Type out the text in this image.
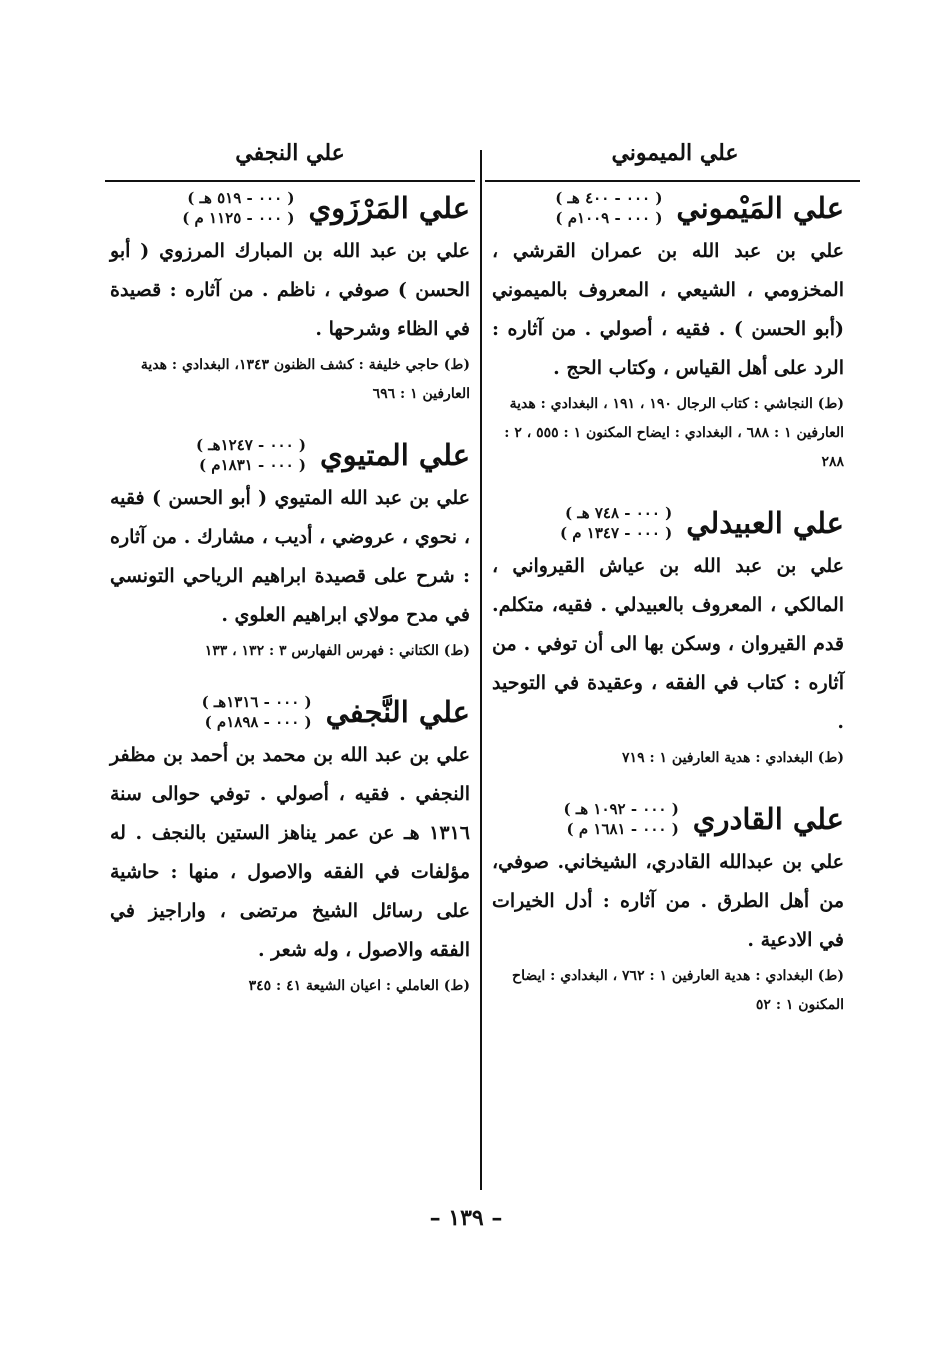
علي الميموني
علي النجفي
علي المَيْموني
( ٠٠٠ - ٤٠٠ هـ )
( ٠٠٠ - ١٠٠٩م )
علي بن عبد الله بن عمران القرشي ، المخزومي ، الشيعي ، المعروف بالميموني (أبو الحسن ) . فقيه ، أصولي . من آثاره : الرد على أهل القياس ، وكتاب الحج .
(ط) النجاشي : كتاب الرجال ١٩٠ ، ١٩١ ، البغدادي : هدية العارفين ١ : ٦٨٨ ، البغدادي : ايضاح المكنون ١ : ٥٥٥ ، ٢ : ٢٨٨
علي العبيدلي
( ٠٠٠ - ٧٤٨ هـ )
( ٠٠٠ - ١٣٤٧ م )
علي بن عبد الله بن عياش القيرواني ، المالكي ، المعروف بالعبيدلي . فقيه، متكلم. قدم القيروان ، وسكن بها الى أن توفي . من آثاره : كتاب في الفقه ، وعقيدة في التوحيد .
(ط) البغدادي : هدية العارفين ١ : ٧١٩
علي القادري
( ٠٠٠ - ١٠٩٢ هـ )
( ٠٠٠ - ١٦٨١ م )
علي بن عبدالله القادري، الشيخاني. صوفي، من أهل الطرق . من آثاره : أدل الخيرات في الادعية .
(ط) البغدادي : هدية العارفين ١ : ٧٦٢ ، البغدادي : ايضاح المكنون ١ : ٥٢
علي المَرْزَوي
( ٠٠٠ - ٥١٩ هـ )
( ٠٠٠ - ١١٢٥ م )
علي بن عبد الله بن المبارك المرزوي ( أبو الحسن ) صوفي ، ناظم . من آثاره : قصيدة في الظاء وشرحها .
(ط) حاجي خليفة : كشف الظنون ١٣٤٣، البغدادي : هدية العارفين ١ : ٦٩٦
علي المتيوي
( ٠٠٠ - ١٢٤٧هـ )
( ٠٠٠ - ١٨٣١م )
علي بن عبد الله المتيوي ( أبو الحسن ) فقيه ، نحوي ، عروضي ، أديب ، مشارك . من آثاره : شرح على قصيدة ابراهيم الرياحي التونسي في مدح مولاي ابراهيم العلوي .
(ط) الكتاني : فهرس الفهارس ٣ : ١٣٢ ، ١٣٣
علي النَّجفي
( ٠٠٠ - ١٣١٦هـ )
( ٠٠٠ - ١٨٩٨م )
علي بن عبد الله بن محمد بن أحمد بن مظفر النجفي . فقيه ، أصولي . توفي حوالى سنة ١٣١٦ هـ عن عمر يناهز الستين بالنجف . له مؤلفات في الفقه والاصول ، منها : حاشية على رسائل الشيخ مرتضى ، واراجيز في الفقه والاصول ، وله شعر .
(ط) العاملي : اعيان الشيعة ٤١ : ٣٤٥
– ١٣٩ –
